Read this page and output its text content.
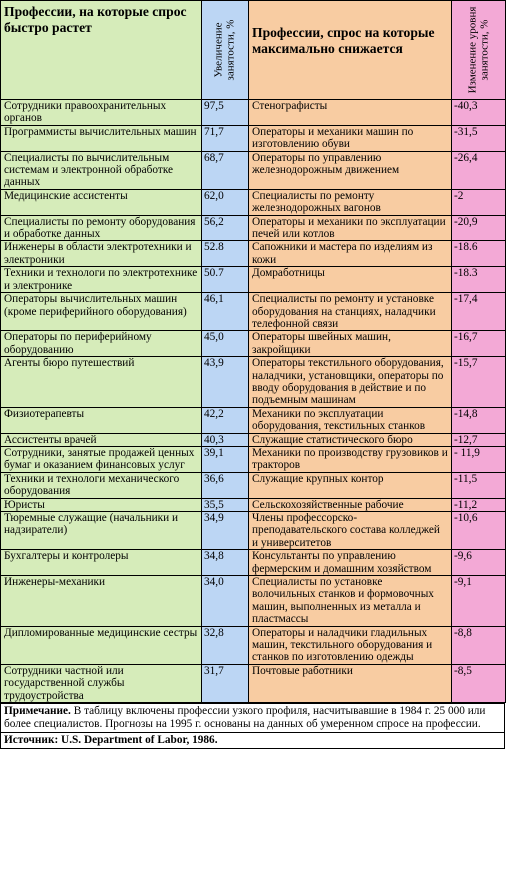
Профессии, на которые спрос быстро растет	Увеличение занятости, %	Профессии, спрос на которые максимально снижается	Изменение уровня занятости, %

Сотрудники правоохранительных органов	97,5	Стенографисты	-40,3
Программисты вычислительных машин	71,7	Операторы и механики машин по изготовлению обуви	-31,5
Специалисты по вычислительным системам и электронной обработке данных	68,7	Операторы по управлению железнодорожным движением	-26,4
Медицинские ассистенты	62,0	Специалисты по ремонту железнодорожных вагонов	-2
Специалисты по ремонту оборудования и обработке данных	56,2	Операторы и механики по эксплуатации печей или котлов	-20,9
Инженеры в области электротехники и электроники	52.8	Сапожники и мастера по изделиям из кожи	-18.6
Техники и технологи по электротехнике и электронике	50.7	Домработницы	-18.3
Операторы вычислительных машин (кроме периферийного оборудования)	46,1	Специалисты по ремонту и установке оборудования на станциях, наладчики телефонной связи	-17,4
Операторы по периферийному оборудованию	45,0	Операторы швейных машин, закройщики	-16,7
Агенты бюро путешествий	43,9	Операторы текстильного оборудования, наладчики, установщики, операторы по вводу оборудования в действие и по подъемным машинам	-15,7
Физиотерапевты	42,2	Механики по эксплуатации оборудования, текстильных станков	-14,8
Ассистенты врачей	40,3	Служащие статистического бюро	-12,7
Сотрудники, занятые продажей ценных бумаг и оказанием финансовых услуг	39,1	Механики по производству грузовиков и тракторов	- 11,9
Техники и технологи механического оборудования	36,6	Служащие крупных контор	-11,5
Юристы	35,5	Сельскохозяйственные рабочие	-11,2
Тюремные служащие (начальники и надзиратели)	34,9	Члены профессорско-преподавательского состава колледжей и университетов	-10,6
Бухгалтеры и контролеры	34,8	Консультанты по управлению фермерским и домашним хозяйством	-9,6
Инженеры-механики	34,0	Специалисты по установке волочильных станков и формовочных машин, выполненных из металла и пластмассы	-9,1
Дипломированные медицинские сестры	32,8	Операторы и наладчики гладильных машин, текстильного оборудования и станков по изготовлению одежды	-8,8
Сотрудники частной или государственной службы трудоустройства	31,7	Почтовые работники	-8,5
Примечание. В таблицу включены профессии узкого профиля, насчитывавшие в 1984 г. 25 000 или более специалистов. Прогнозы на 1995 г. основаны на данных об умеренном спросе на профессии.
Источник: U.S. Department of Labor, 1986.
